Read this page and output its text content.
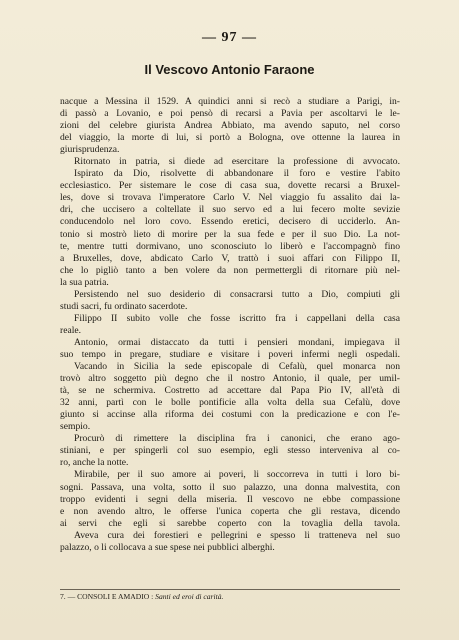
— 97 —
Il Vescovo Antonio Faraone
nacque a Messina il 1529. A quindici anni si recò a studiare a Parigi, in-
di passò a Lovanio, e poi pensò di recarsi a Pavia per ascoltarvi le le-
zioni del celebre giurista Andrea Abbiato, ma avendo saputo, nel corso
del viaggio, la morte di lui, si portò a Bologna, ove ottenne la laurea in
giurisprudenza.
Ritornato in patria, si diede ad esercitare la professione di avvocato.
Ispirato da Dio, risolvette di abbandonare il foro e vestire l'abito
ecclesiastico. Per sistemare le cose di casa sua, dovette recarsi a Bruxel-
les, dove si trovava l'imperatore Carlo V. Nel viaggio fu assalito dai la-
dri, che uccisero a coltellate il suo servo ed a lui fecero molte sevizie
conducendolo nel loro covo. Essendo eretici, decisero di ucciderlo. An-
tonio si mostrò lieto di morire per la sua fede e per il suo Dio. La not-
te, mentre tutti dormivano, uno sconosciuto lo liberò e l'accompagnò fino
a Bruxelles, dove, abdicato Carlo V, trattò i suoi affari con Filippo II,
che lo pigliò tanto a ben volere da non permettergli di ritornare più nel-
la sua patria.
Persistendo nel suo desiderio di consacrarsi tutto a Dio, compiuti gli
studi sacri, fu ordinato sacerdote.
Filippo II subito volle che fosse iscritto fra i cappellani della casa
reale.
Antonio, ormai distaccato da tutti i pensieri mondani, impiegava il
suo tempo in pregare, studiare e visitare i poveri infermi negli ospedali.
Vacando in Sicilia la sede episcopale di Cefalù, quel monarca non
trovò altro soggetto più degno che il nostro Antonio, il quale, per umil-
tà, se ne schermiva. Costretto ad accettare dal Papa Pio IV, all'età di
32 anni, partì con le bolle pontificie alla volta della sua Cefalù, dove
giunto si accinse alla riforma dei costumi con la predicazione e con l'e-
sempio.
Procurò di rimettere la disciplina fra i canonici, che erano ago-
stiniani, e per spingerli col suo esempio, egli stesso interveniva al co-
ro, anche la notte.
Mirabile, per il suo amore ai poveri, li soccorreva in tutti i loro bi-
sogni. Passava, una volta, sotto il suo palazzo, una donna malvestita, con
troppo evidenti i segni della miseria. Il vescovo ne ebbe compassione
e non avendo altro, le offerse l'unica coperta che gli restava, dicendo
ai servi che egli si sarebbe coperto con la tovaglia della tavola.
Aveva cura dei forestieri e pellegrini e spesso li tratteneva nel suo
palazzo, o li collocava a sue spese nei pubblici alberghi.
7. — CONSOLI E AMADIO : Santi ed eroi di carità.
